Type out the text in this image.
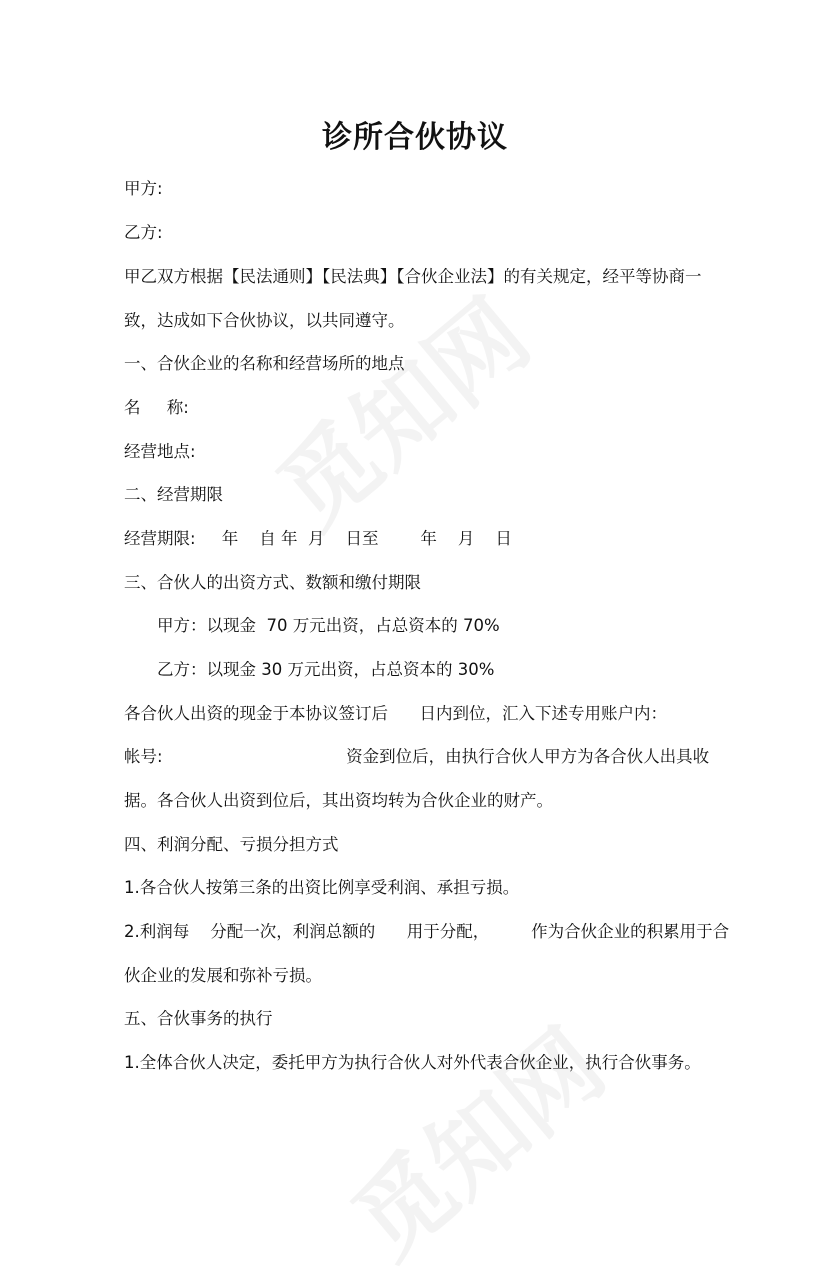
诊所合伙协议
甲方:
乙方:
甲乙双方根据【民法通则】【民法典】【合伙企业法】的有关规定，经平等协商一
致，达成如下合伙协议，以共同遵守。
一、合伙企业的名称和经营场所的地点
名     称:
经营地点:
二、经营期限
经营期限:     年    自 年  月    日至        年    月    日
三、合伙人的出资方式、数额和缴付期限
甲方：以现金  70 万元出资，占总资本的 70%
乙方：以现金 30 万元出资，占总资本的 30%
各合伙人出资的现金于本协议签订后      日内到位，汇入下述专用账户内：
帐号:                                   资金到位后，由执行合伙人甲方为各合伙人出具收
据。各合伙人出资到位后，其出资均转为合伙企业的财产。
四、利润分配、亏损分担方式
1.各合伙人按第三条的出资比例享受利润、承担亏损。
2.利润每    分配一次，利润总额的      用于分配，        作为合伙企业的积累用于合
伙企业的发展和弥补亏损。
五、合伙事务的执行
1.全体合伙人决定，委托甲方为执行合伙人对外代表合伙企业，执行合伙事务。
